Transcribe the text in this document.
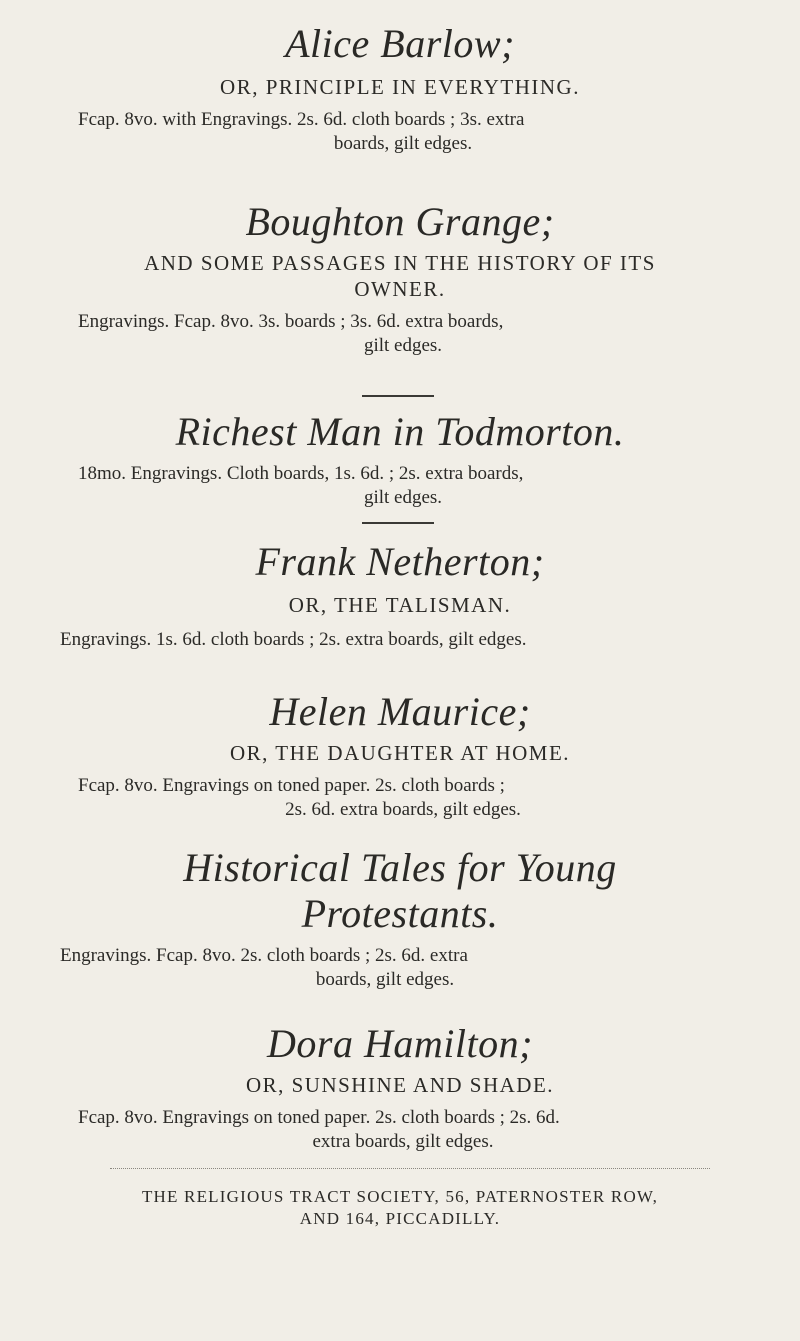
Alice Barlow;
OR, PRINCIPLE IN EVERYTHING.
Fcap. 8vo. with Engravings. 2s. 6d. cloth boards ; 3s. extra
boards, gilt edges.
Boughton Grange;
AND SOME PASSAGES IN THE HISTORY OF ITS
OWNER.
Engravings. Fcap. 8vo. 3s. boards ; 3s. 6d. extra boards,
gilt edges.
Richest Man in Todmorton.
18mo. Engravings. Cloth boards, 1s. 6d. ; 2s. extra boards,
gilt edges.
Frank Netherton;
OR, THE TALISMAN.
Engravings. 1s. 6d. cloth boards ; 2s. extra boards, gilt edges.
Helen Maurice;
OR, THE DAUGHTER AT HOME.
Fcap. 8vo. Engravings on toned paper. 2s. cloth boards ;
2s. 6d. extra boards, gilt edges.
Historical Tales for Young
Protestants.
Engravings. Fcap. 8vo. 2s. cloth boards ; 2s. 6d. extra
boards, gilt edges.
Dora Hamilton;
OR, SUNSHINE AND SHADE.
Fcap. 8vo. Engravings on toned paper. 2s. cloth boards ; 2s. 6d.
extra boards, gilt edges.
THE RELIGIOUS TRACT SOCIETY, 56, PATERNOSTER ROW,
AND 164, PICCADILLY.
